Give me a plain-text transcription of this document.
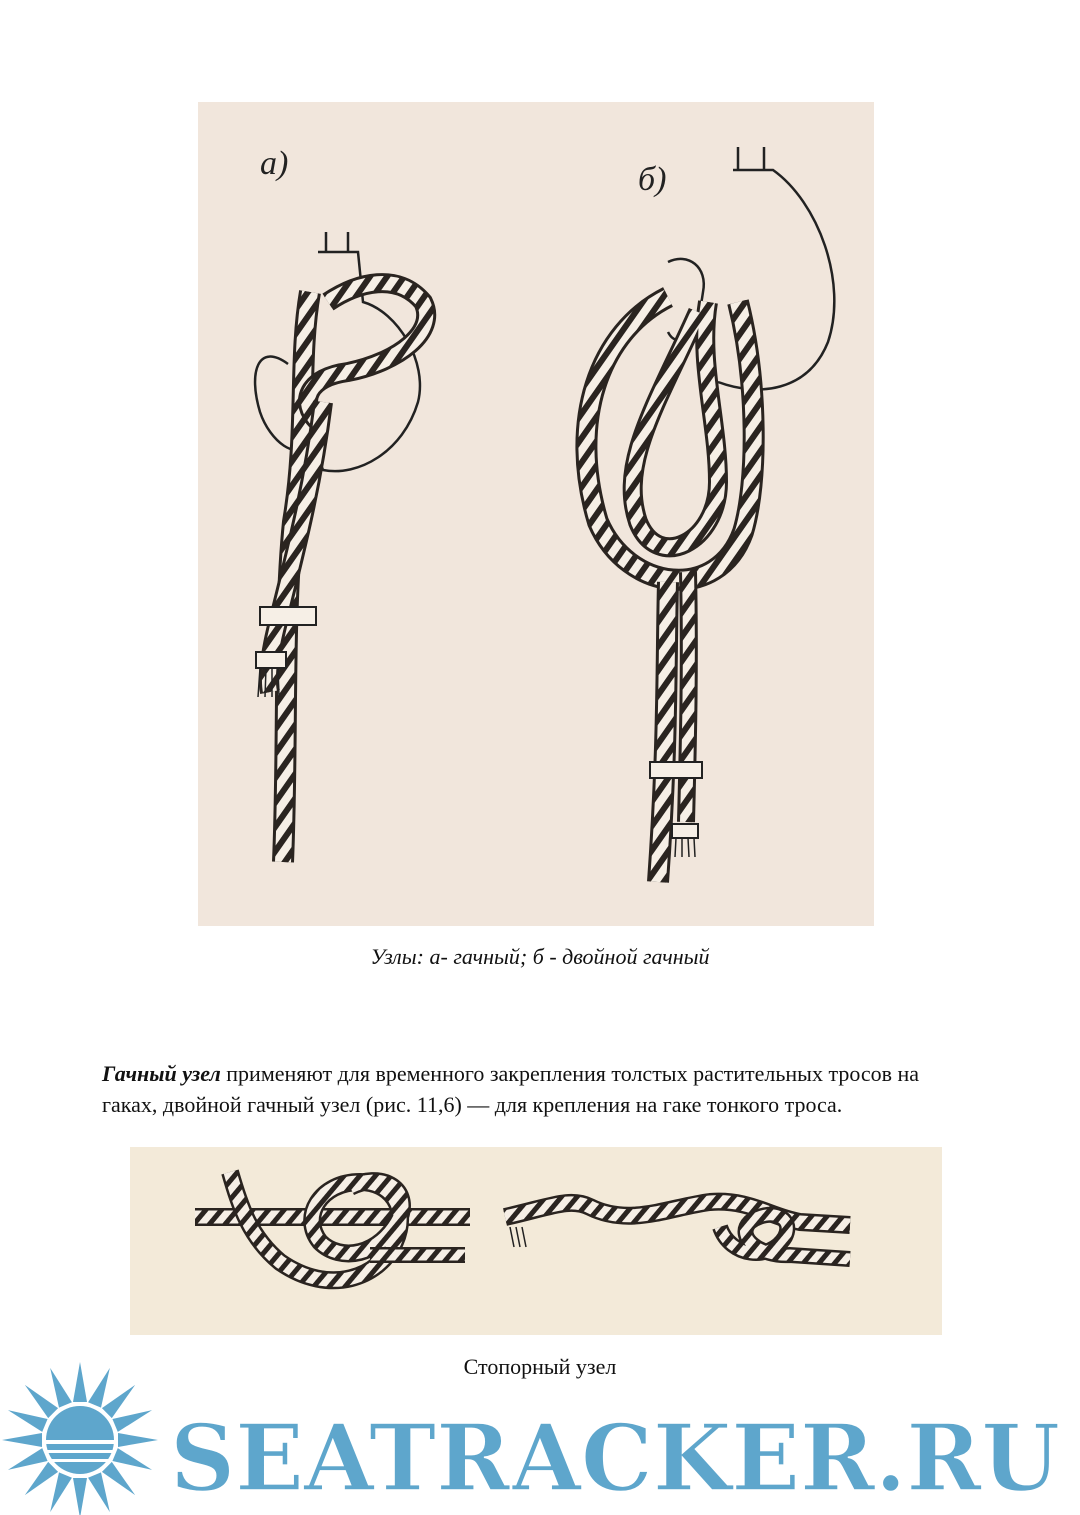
а)	б)
Узлы: а- гачный; б - двойной гачный

Гачный узел применяют для временного закрепления толстых растительных тросов на гаках, двойной гачный узел (рис. 11,6) — для крепления на гаке тонкого троса.

Стопорный узел
SEATRACKER.RU
